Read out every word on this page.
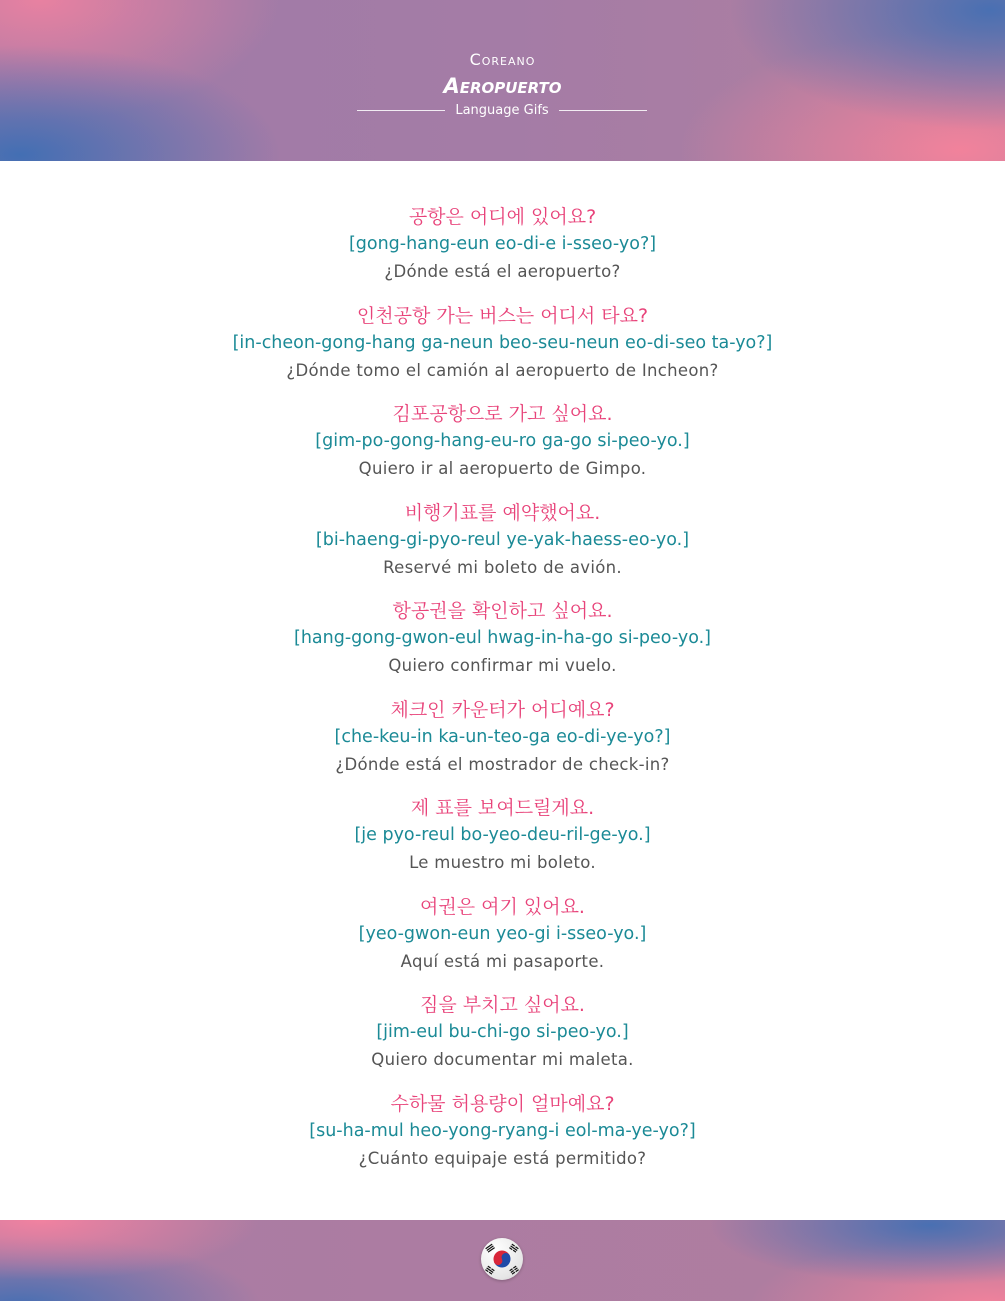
Coreano
Aeropuerto
Language Gifs
공항은 어디에 있어요?
[gong-hang-eun eo-di-e i-sseo-yo?]
¿Dónde está el aeropuerto?
인천공항 가는 버스는 어디서 타요?
[in-cheon-gong-hang ga-neun beo-seu-neun eo-di-seo ta-yo?]
¿Dónde tomo el camión al aeropuerto de Incheon?
김포공항으로 가고 싶어요.
[gim-po-gong-hang-eu-ro ga-go si-peo-yo.]
Quiero ir al aeropuerto de Gimpo.
비행기표를 예약했어요.
[bi-haeng-gi-pyo-reul ye-yak-haess-eo-yo.]
Reservé mi boleto de avión.
항공권을 확인하고 싶어요.
[hang-gong-gwon-eul hwag-in-ha-go si-peo-yo.]
Quiero confirmar mi vuelo.
체크인 카운터가 어디예요?
[che-keu-in ka-un-teo-ga eo-di-ye-yo?]
¿Dónde está el mostrador de check-in?
제 표를 보여드릴게요.
[je pyo-reul bo-yeo-deu-ril-ge-yo.]
Le muestro mi boleto.
여권은 여기 있어요.
[yeo-gwon-eun yeo-gi i-sseo-yo.]
Aquí está mi pasaporte.
짐을 부치고 싶어요.
[jim-eul bu-chi-go si-peo-yo.]
Quiero documentar mi maleta.
수하물 허용량이 얼마예요?
[su-ha-mul heo-yong-ryang-i eol-ma-ye-yo?]
¿Cuánto equipaje está permitido?
